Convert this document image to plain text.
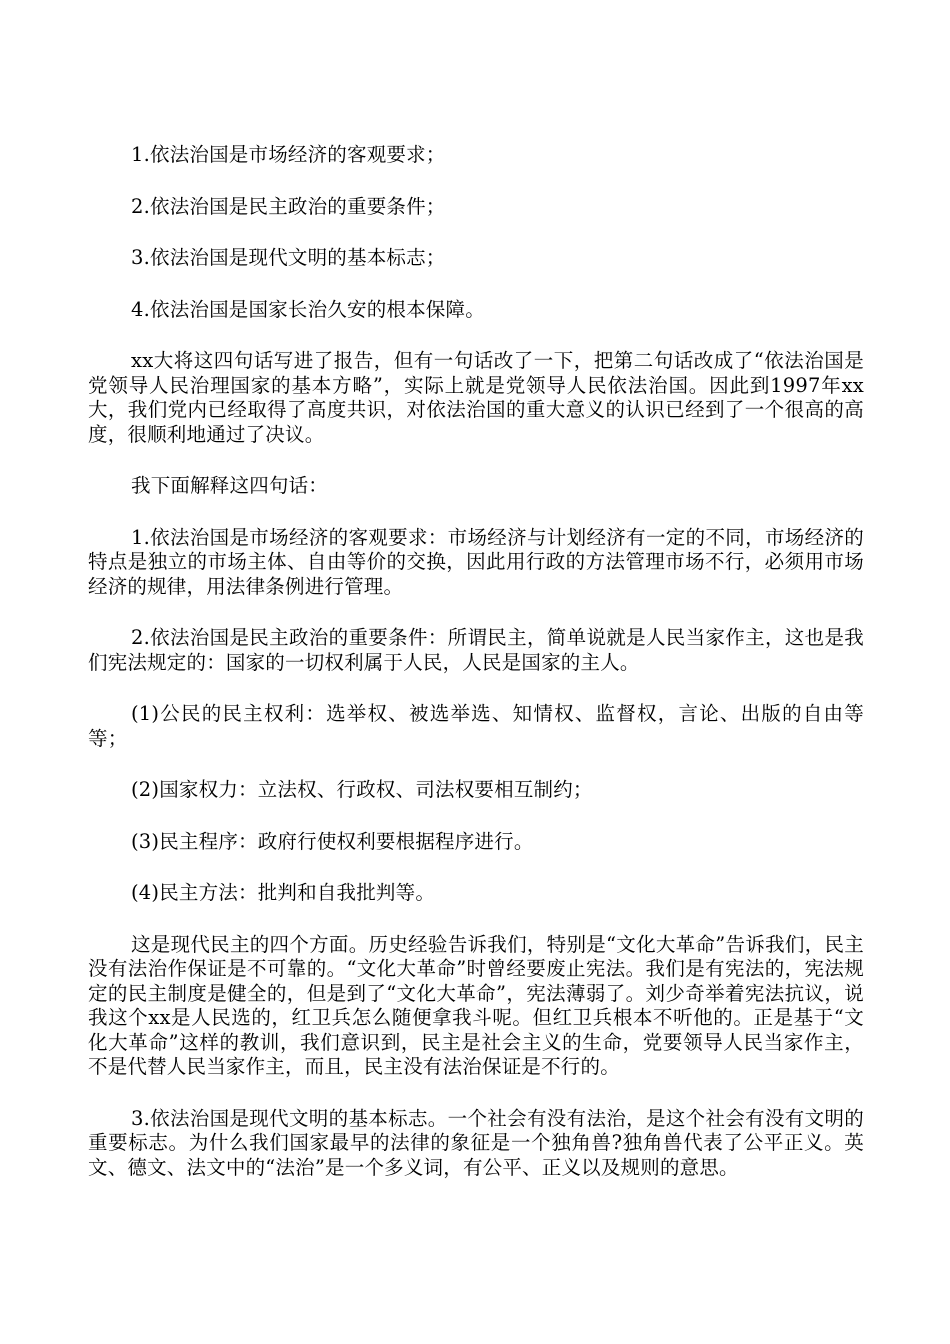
1.依法治国是市场经济的客观要求；

2.依法治国是民主政治的重要条件；

3.依法治国是现代文明的基本标志；

4.依法治国是国家长治久安的根本保障。

xx大将这四句话写进了报告，但有一句话改了一下，把第二句话改成了“依法治国是党领导人民治理国家的基本方略”，实际上就是党领导人民依法治国。因此到1997年xx大，我们党内已经取得了高度共识，对依法治国的重大意义的认识已经到了一个很高的高度，很顺利地通过了决议。

我下面解释这四句话：

1.依法治国是市场经济的客观要求：市场经济与计划经济有一定的不同，市场经济的特点是独立的市场主体、自由等价的交换，因此用行政的方法管理市场不行，必须用市场经济的规律，用法律条例进行管理。

2.依法治国是民主政治的重要条件：所谓民主，简单说就是人民当家作主，这也是我们宪法规定的：国家的一切权利属于人民，人民是国家的主人。

(1)公民的民主权利：选举权、被选举选、知情权、监督权，言论、出版的自由等等；

(2)国家权力：立法权、行政权、司法权要相互制约；

(3)民主程序：政府行使权利要根据程序进行。

(4)民主方法：批判和自我批判等。

这是现代民主的四个方面。历史经验告诉我们，特别是“文化大革命”告诉我们，民主没有法治作保证是不可靠的。“文化大革命”时曾经要废止宪法。我们是有宪法的，宪法规定的民主制度是健全的，但是到了“文化大革命”，宪法薄弱了。刘少奇举着宪法抗议，说我这个xx是人民选的，红卫兵怎么随便拿我斗呢。但红卫兵根本不听他的。正是基于“文化大革命”这样的教训，我们意识到，民主是社会主义的生命，党要领导人民当家作主，不是代替人民当家作主，而且，民主没有法治保证是不行的。

3.依法治国是现代文明的基本标志。一个社会有没有法治，是这个社会有没有文明的重要标志。为什么我们国家最早的法律的象征是一个独角兽?独角兽代表了公平正义。英文、德文、法文中的“法治”是一个多义词，有公平、正义以及规则的意思。
